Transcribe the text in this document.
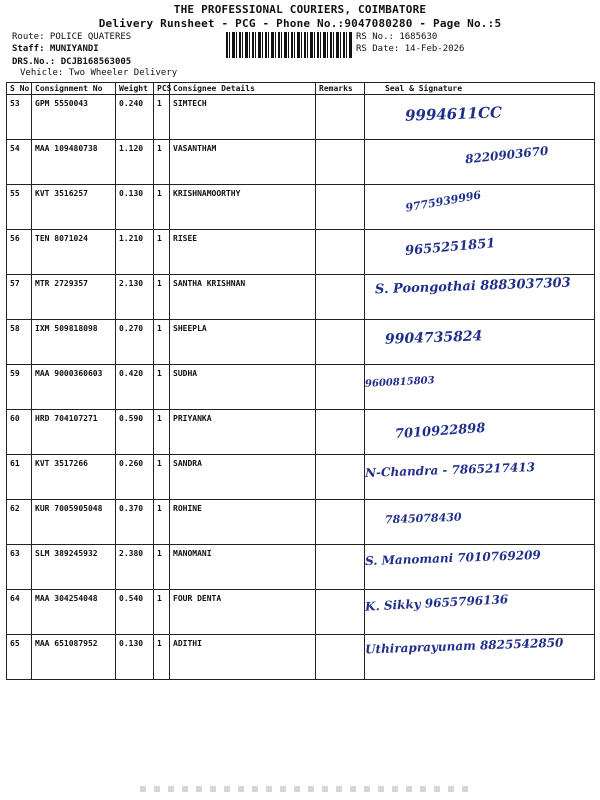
THE PROFESSIONAL COURIERS, COIMBATORE
Delivery Runsheet - PCG - Phone No.:9047080280 - Page No.:5
Route: POLICE QUATERES
Staff: MUNIYANDI
DRS.No.: DCJB168563005
Vehicle: Two Wheeler Delivery
RS No.: 1685630
RS Date: 14-Feb-2026
S No	Consignment No	Weight	PCS	Consignee Details	Remarks	Seal & Signature
53	GPM 5550043	0.240	1	SIMTECH		9994611CC

54	MAA 109480738	1.120	1	VASANTHAM		8220903670

55	KVT 3516257	0.130	1	KRISHNAMOORTHY		9775939996

56	TEN 8071024	1.210	1	RISEE		9655251851

57	MTR 2729357	2.130	1	SANTHA KRISHNAN		S. Poongothai 8883037303

58	IXM 509818098	0.270	1	SHEEPLA		9904735824

59	MAA 9000360603	0.420	1	SUDHA		9600815803

60	HRD 704107271	0.590	1	PRIYANKA		7010922898

61	KVT 3517266	0.260	1	SANDRA		N-Chandra - 7865217413

62	KUR 7005905048	0.370	1	ROHINE		7845078430

63	SLM 389245932	2.380	1	MANOMANI		S. Manomani 7010769209

64	MAA 304254048	0.540	1	FOUR DENTA		K. Sikky 9655796136

65	MAA 651087952	0.130	1	ADITHI		Uthiraprayunam 8825542850
